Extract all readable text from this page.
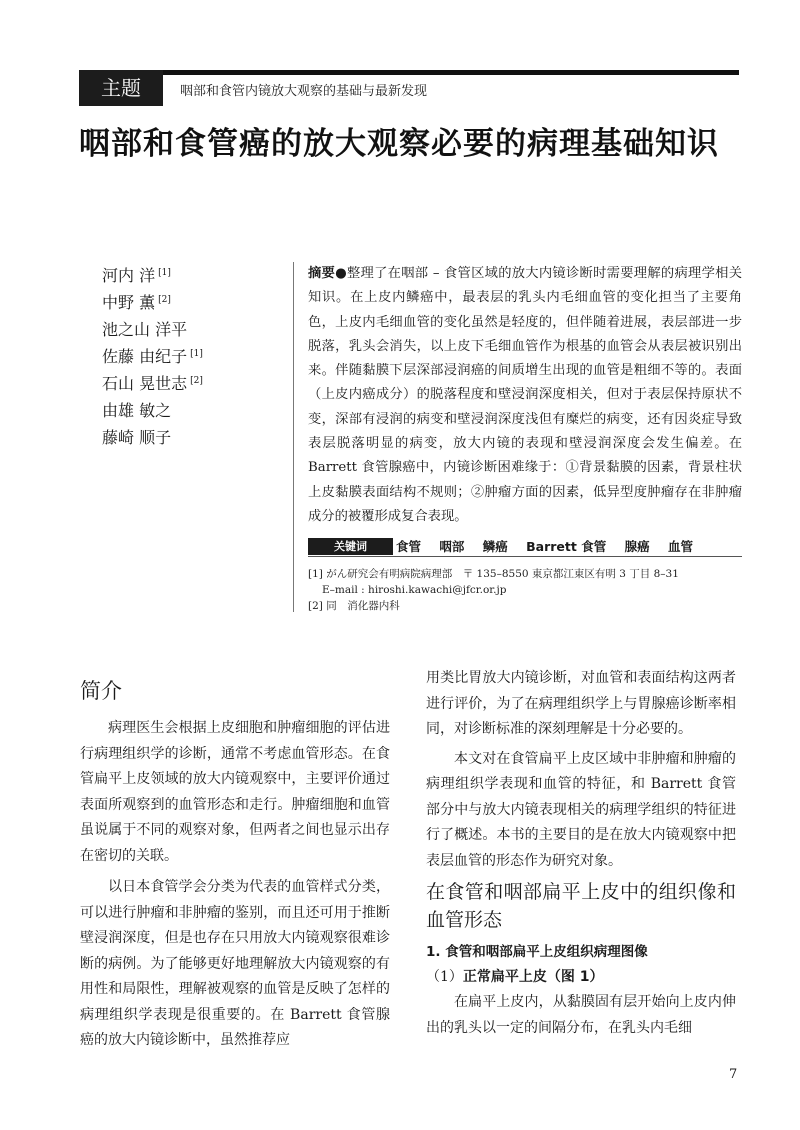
主题	咽部和食管内镜放大观察的基础与最新发现
咽部和食管癌的放大观察必要的病理基础知识
河内 洋 [1]
中野 薫 [2]
池之山 洋平
佐藤 由纪子 [1]
石山 晃世志 [2]
由雄 敏之
藤崎 顺子
摘要●整理了在咽部 – 食管区域的放大内镜诊断时需要理解的病理学相关知识。在上皮内鳞癌中，最表层的乳头内毛细血管的变化担当了主要角色，上皮内毛细血管的变化虽然是轻度的，但伴随着进展，表层部进一步脱落，乳头会消失，以上皮下毛细血管作为根基的血管会从表层被识别出来。伴随黏膜下层深部浸润癌的间质增生出现的血管是粗细不等的。表面（上皮内癌成分）的脱落程度和壁浸润深度相关，但对于表层保持原状不变，深部有浸润的病变和壁浸润深度浅但有糜烂的病变，还有因炎症导致表层脱落明显的病变，放大内镜的表现和壁浸润深度会发生偏差。在 Barrett 食管腺癌中，内镜诊断困难缘于：①背景黏膜的因素，背景柱状上皮黏膜表面结构不规则；②肿瘤方面的因素，低异型度肿瘤存在非肿瘤成分的被覆形成复合表现。
关键词	食管 咽部 鳞癌 Barrett 食管 腺癌 血管
[1] がん研究会有明病院病理部　〒 135–8550 東京都江東区有明 3 丁目 8–31
E–mail : hiroshi.kawachi@jfcr.or.jp
[2] 同　消化器内科
简介

病理医生会根据上皮细胞和肿瘤细胞的评估进行病理组织学的诊断，通常不考虑血管形态。在食管扁平上皮领域的放大内镜观察中，主要评价通过表面所观察到的血管形态和走行。肿瘤细胞和血管虽说属于不同的观察对象，但两者之间也显示出存在密切的关联。

以日本食管学会分类为代表的血管样式分类，可以进行肿瘤和非肿瘤的鉴别，而且还可用于推断壁浸润深度，但是也存在只用放大内镜观察很难诊断的病例。为了能够更好地理解放大内镜观察的有用性和局限性，理解被观察的血管是反映了怎样的病理组织学表现是很重要的。在 Barrett 食管腺癌的放大内镜诊断中，虽然推荐应

用类比胃放大内镜诊断，对血管和表面结构这两者进行评价，为了在病理组织学上与胃腺癌诊断率相同，对诊断标准的深刻理解是十分必要的。

本文对在食管扁平上皮区域中非肿瘤和肿瘤的病理组织学表现和血管的特征，和 Barrett 食管部分中与放大内镜表现相关的病理学组织的特征进行了概述。本书的主要目的是在放大内镜观察中把表层血管的形态作为研究对象。

在食管和咽部扁平上皮中的组织像和血管形态
1. 食管和咽部扁平上皮组织病理图像
（1）正常扁平上皮（图 1）

在扁平上皮内，从黏膜固有层开始向上皮内伸出的乳头以一定的间隔分布，在乳头内毛细

7
